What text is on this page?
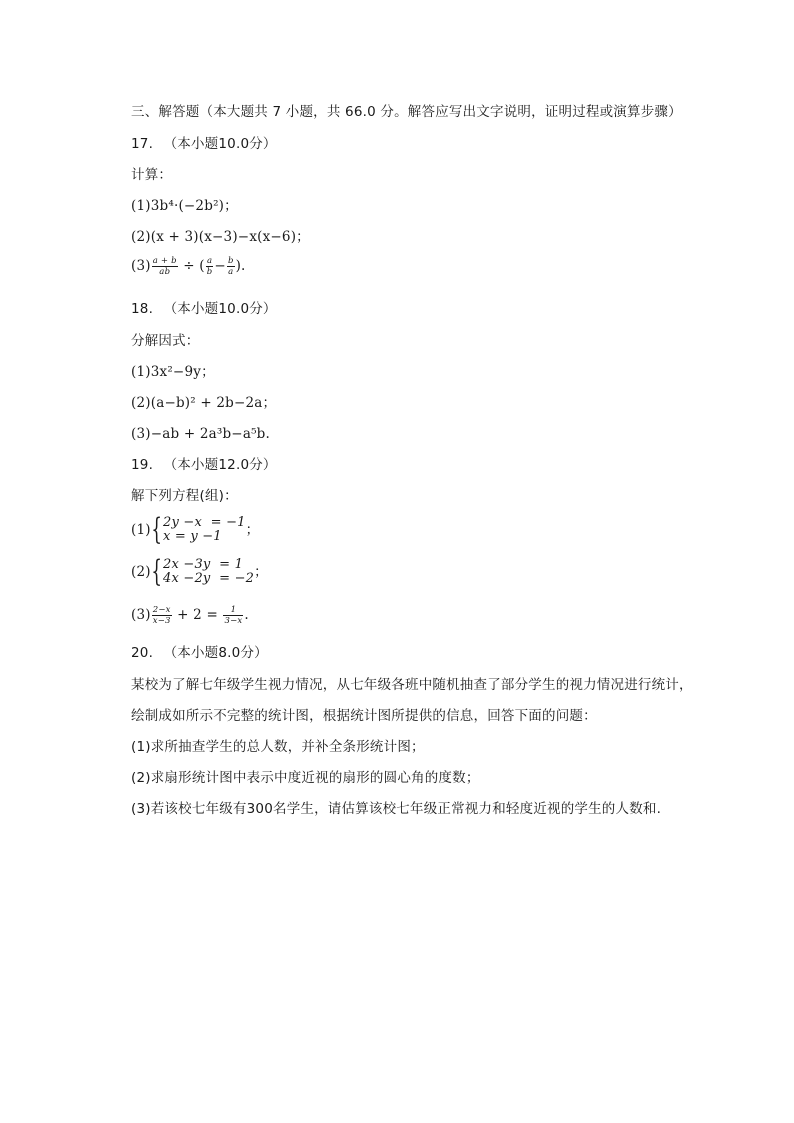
三、解答题（本大题共 7 小题，共 66.0 分。解答应写出文字说明，证明过程或演算步骤）
17. （本小题10.0分）
计算：
(1)3b⁴·(−2b²)；
(2)(x + 3)(x−3)−x(x−6)；
$(3) \frac{a + b}{ab}$ ÷ ( $\frac{a}{b} - \frac{b}{a}$ ).
18. （本小题10.0分）
分解因式：
(1)3x²−9y；
(2)(a−b)² + 2b−2a；
(3)−ab + 2a³b−a⁵b.
19. （本小题12.0分）
解下列方程(组)：
(1) { 2y −x  = −1
x = y −1	；
(2) { 2x −3y  = 1
4x −2y  = −2 ；
$(3) \frac{2-x}{x-3} + 2 = \frac{1}{3-x}$ .
20. （本小题8.0分）
某校为了解七年级学生视力情况，从七年级各班中随机抽查了部分学生的视力情况进行统计，
绘制成如所示不完整的统计图，根据统计图所提供的信息，回答下面的问题：
(1)求所抽查学生的总人数，并补全条形统计图；
(2)求扇形统计图中表示中度近视的扇形的圆心角的度数；
(3)若该校七年级有300名学生，请估算该校七年级正常视力和轻度近视的学生的人数和.
